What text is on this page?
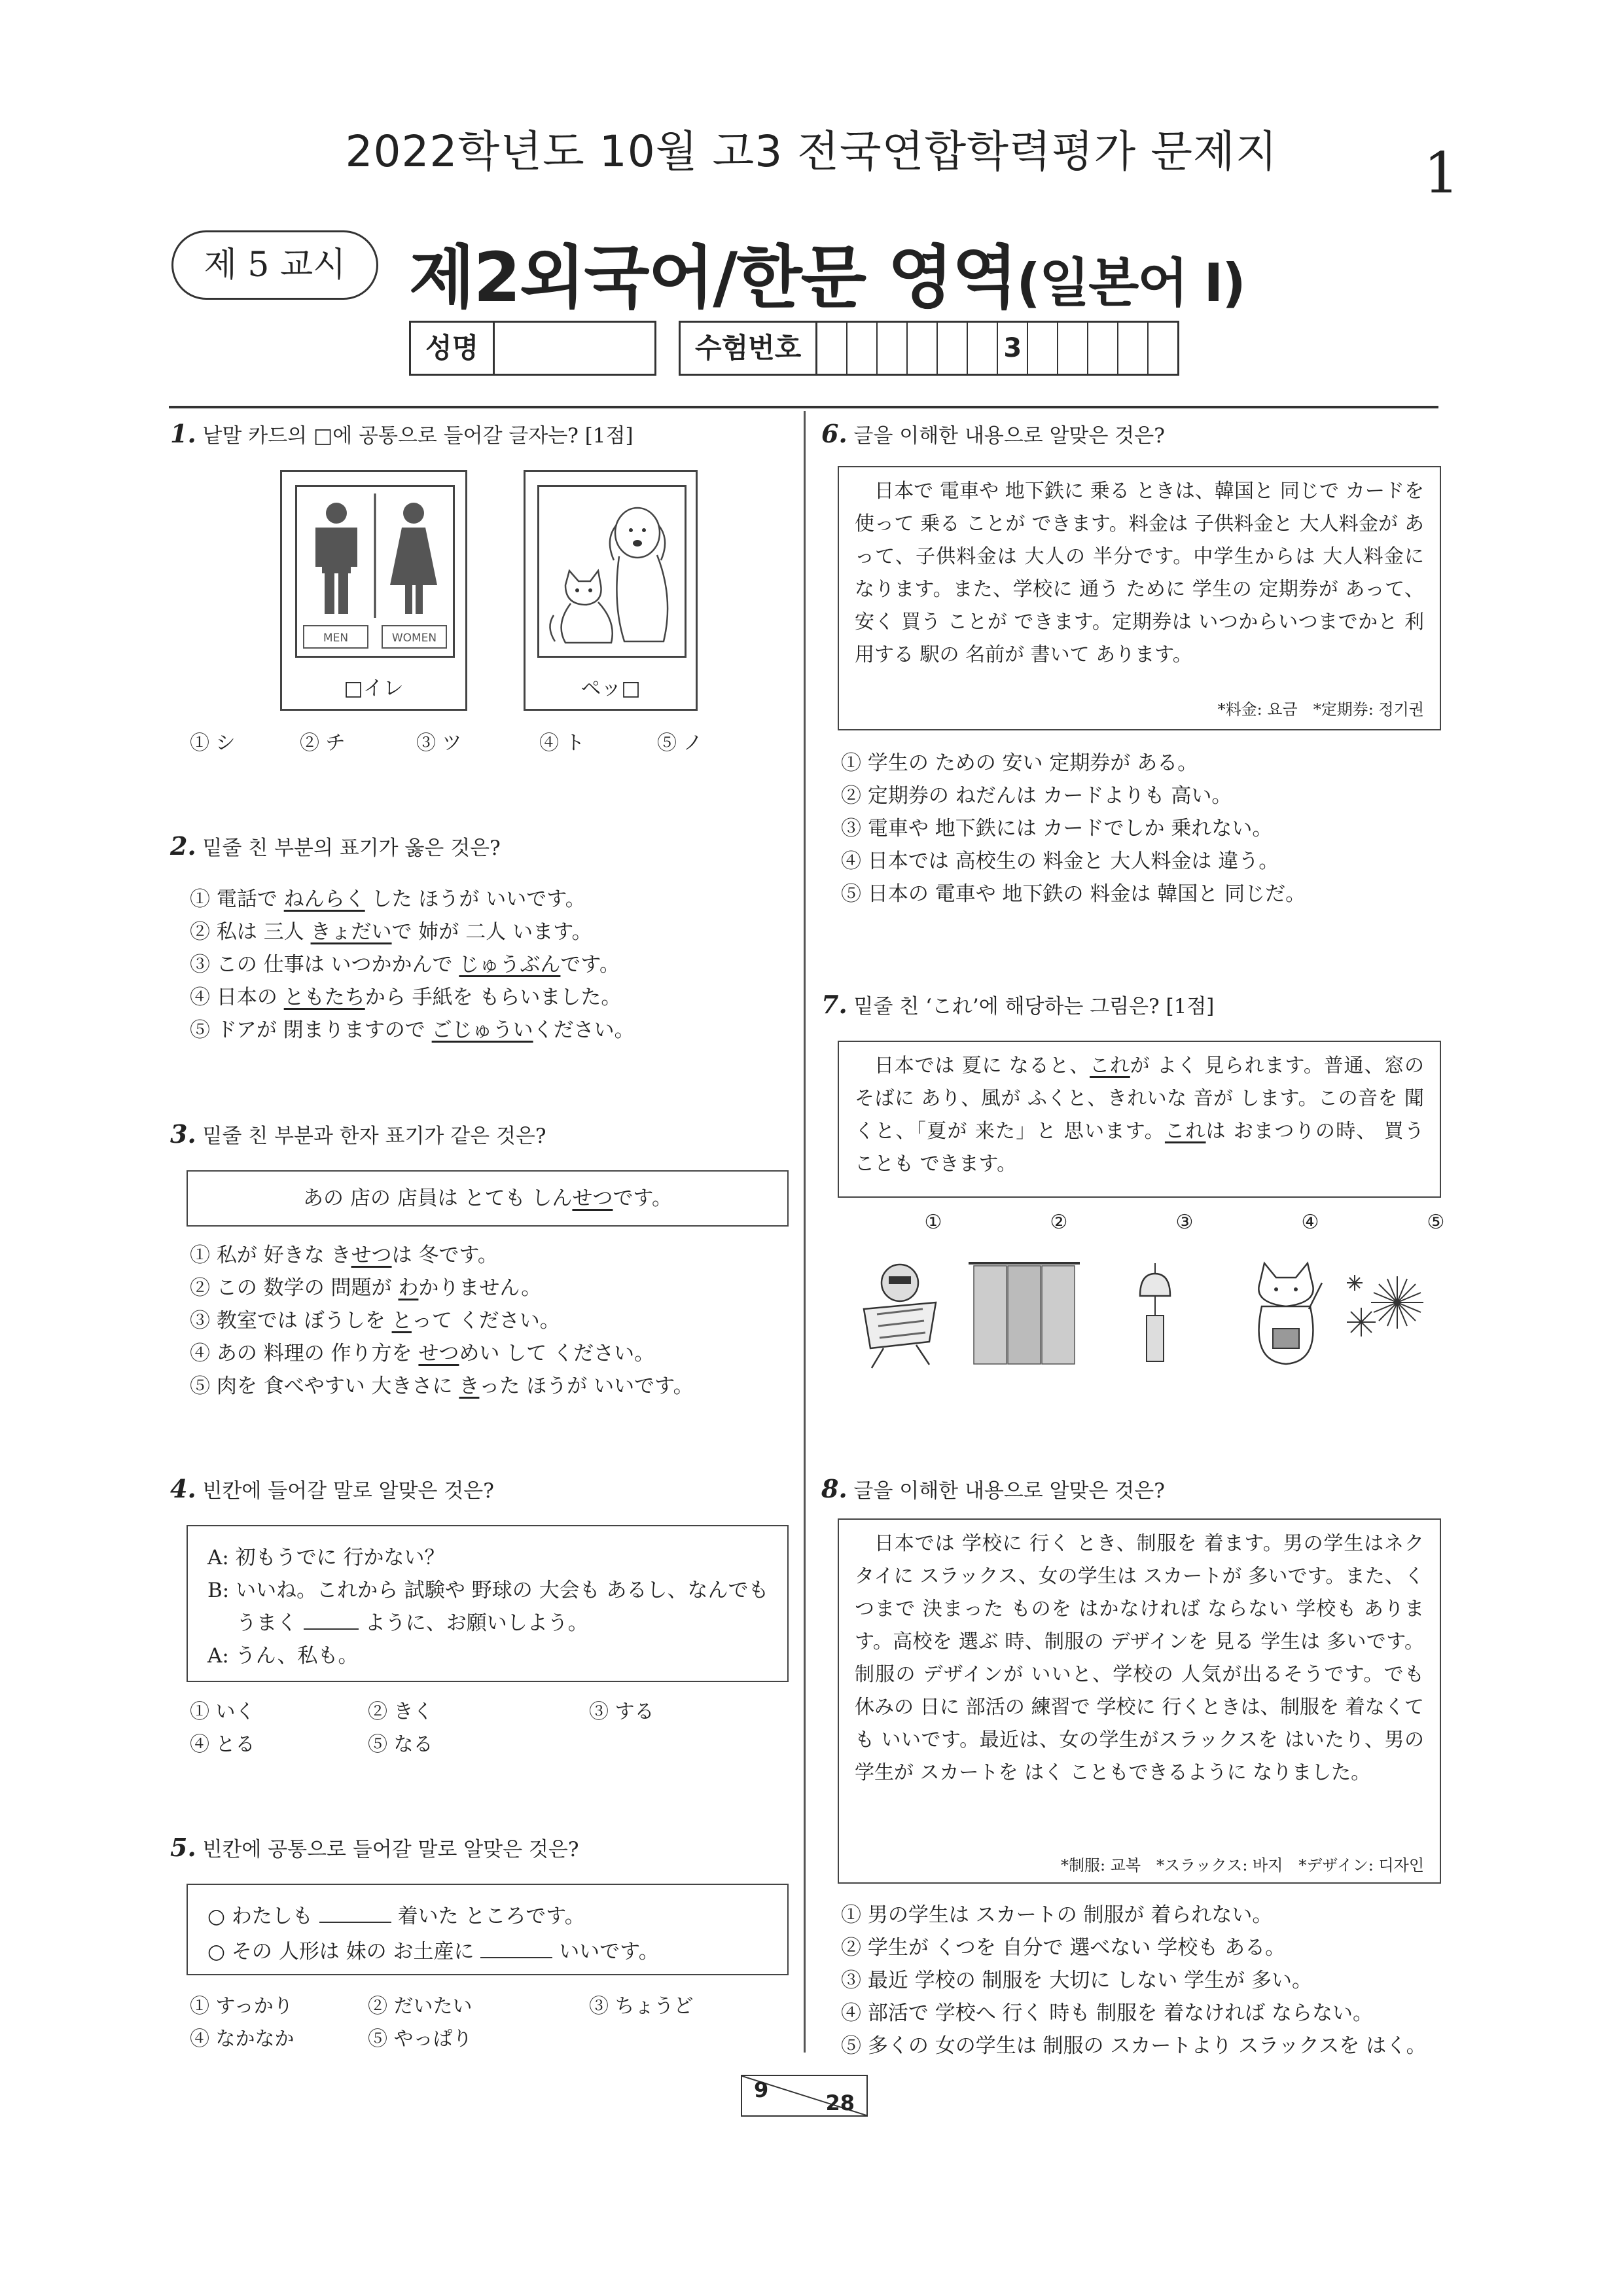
2022학년도 10월 고3 전국연합학력평가 문제지	1
제 5 교시 제2외국어/한문 영역(일본어 Ⅰ)
성명	수험번호	3
1. 낱말 카드의 □에 공통으로 들어갈 글자는? [1점]
MEN	WOMEN
□イレ	ペッ□
① シ	② チ	③ ツ	④ ト	⑤ ノ
2. 밑줄 친 부분의 표기가 옳은 것은?
① 電話で ねんらく した ほうが いいです。
② 私は 三人 きょだいで 姉が 二人 います。
③ この 仕事は いつかかんで じゅうぶんです。
④ 日本の ともたちから 手紙を もらいました。
⑤ ドアが 閉まりますので ごじゅういください。
3. 밑줄 친 부분과 한자 표기가 같은 것은?
あの 店の 店員は とても しんせつです。
① 私が 好きな きせつは 冬です。
② この 数学の 問題が わかりません。
③ 教室では ぼうしを とって ください。
④ あの 料理の 作り方を せつめい して ください。
⑤ 肉を 食べやすい 大きさに きった ほうが いいです。
4. 빈칸에 들어갈 말로 알맞은 것은?
A: 初もうでに 行かない？
B: いいね。これから 試験や 野球の 大会も あるし、なんでも
うまく	ように、お願いしよう。
A: うん、私も。
① いく	② きく	③ する
④ とる	⑤ なる
5. 빈칸에 공통으로 들어갈 말로 알맞은 것은?
○ わたしも	着いた ところです。
○ その 人形は 妹の お土産に	いいです。
① すっかり	② だいたい	③ ちょうど
④ なかなか	⑤ やっぱり
6. 글을 이해한 내용으로 알맞은 것은?
日本で 電車や 地下鉄に 乗る ときは、韓国と 同じで カードを 使って 乗る ことが できます。料金は 子供料金と 大人料金が あって、子供料金は 大人の 半分です。中学生からは 大人料金に なります。また、学校に 通う ために 学生の 定期券が あって、 安く 買う ことが できます。定期券は いつからいつまでかと 利用する 駅の 名前が 書いて あります。
*料金: 요금　*定期券: 정기권
① 学生の ための 安い 定期券が ある。
② 定期券の ねだんは カードよりも 高い。
③ 電車や 地下鉄には カードでしか 乗れない。
④ 日本では 高校生の 料金と 大人料金は 違う。
⑤ 日本の 電車や 地下鉄の 料金は 韓国と 同じだ。
7. 밑줄 친 ‘これ’에 해당하는 그림은? [1점]
日本では 夏に なると、これが よく 見られます。普通、窓の そばに あり、風が ふくと、きれいな 音が します。この音を 聞くと、「夏が 来た」と 思います。これは おまつりの時、 買う ことも できます。
①	②	③	④	⑤
8. 글을 이해한 내용으로 알맞은 것은?
日本では 学校に 行く とき、制服を 着ます。男の学生はネクタイに スラックス、女の学生は スカートが 多いです。また、くつまで 決まった ものを はかなければ ならない 学校も あります。高校を 選ぶ 時、制服の デザインを 見る 学生は 多いです。制服の デザインが いいと、学校の 人気が出るそうです。でも 休みの 日に 部活の 練習で 学校に 行くときは、制服を 着なくても いいです。最近は、女の学生がスラックスを はいたり、男の学生が スカートを はく こともできるように なりました。
*制服: 교복　*スラックス: 바지　*デザイン: 디자인
① 男の学生は スカートの 制服が 着られない。
② 学生が くつを 自分で 選べない 学校も ある。
③ 最近 学校の 制服を 大切に しない 学生が 多い。
④ 部活で 学校へ 行く 時も 制服を 着なければ ならない。
⑤ 多くの 女の学生は 制服の スカートより スラックスを はく。
9
28
